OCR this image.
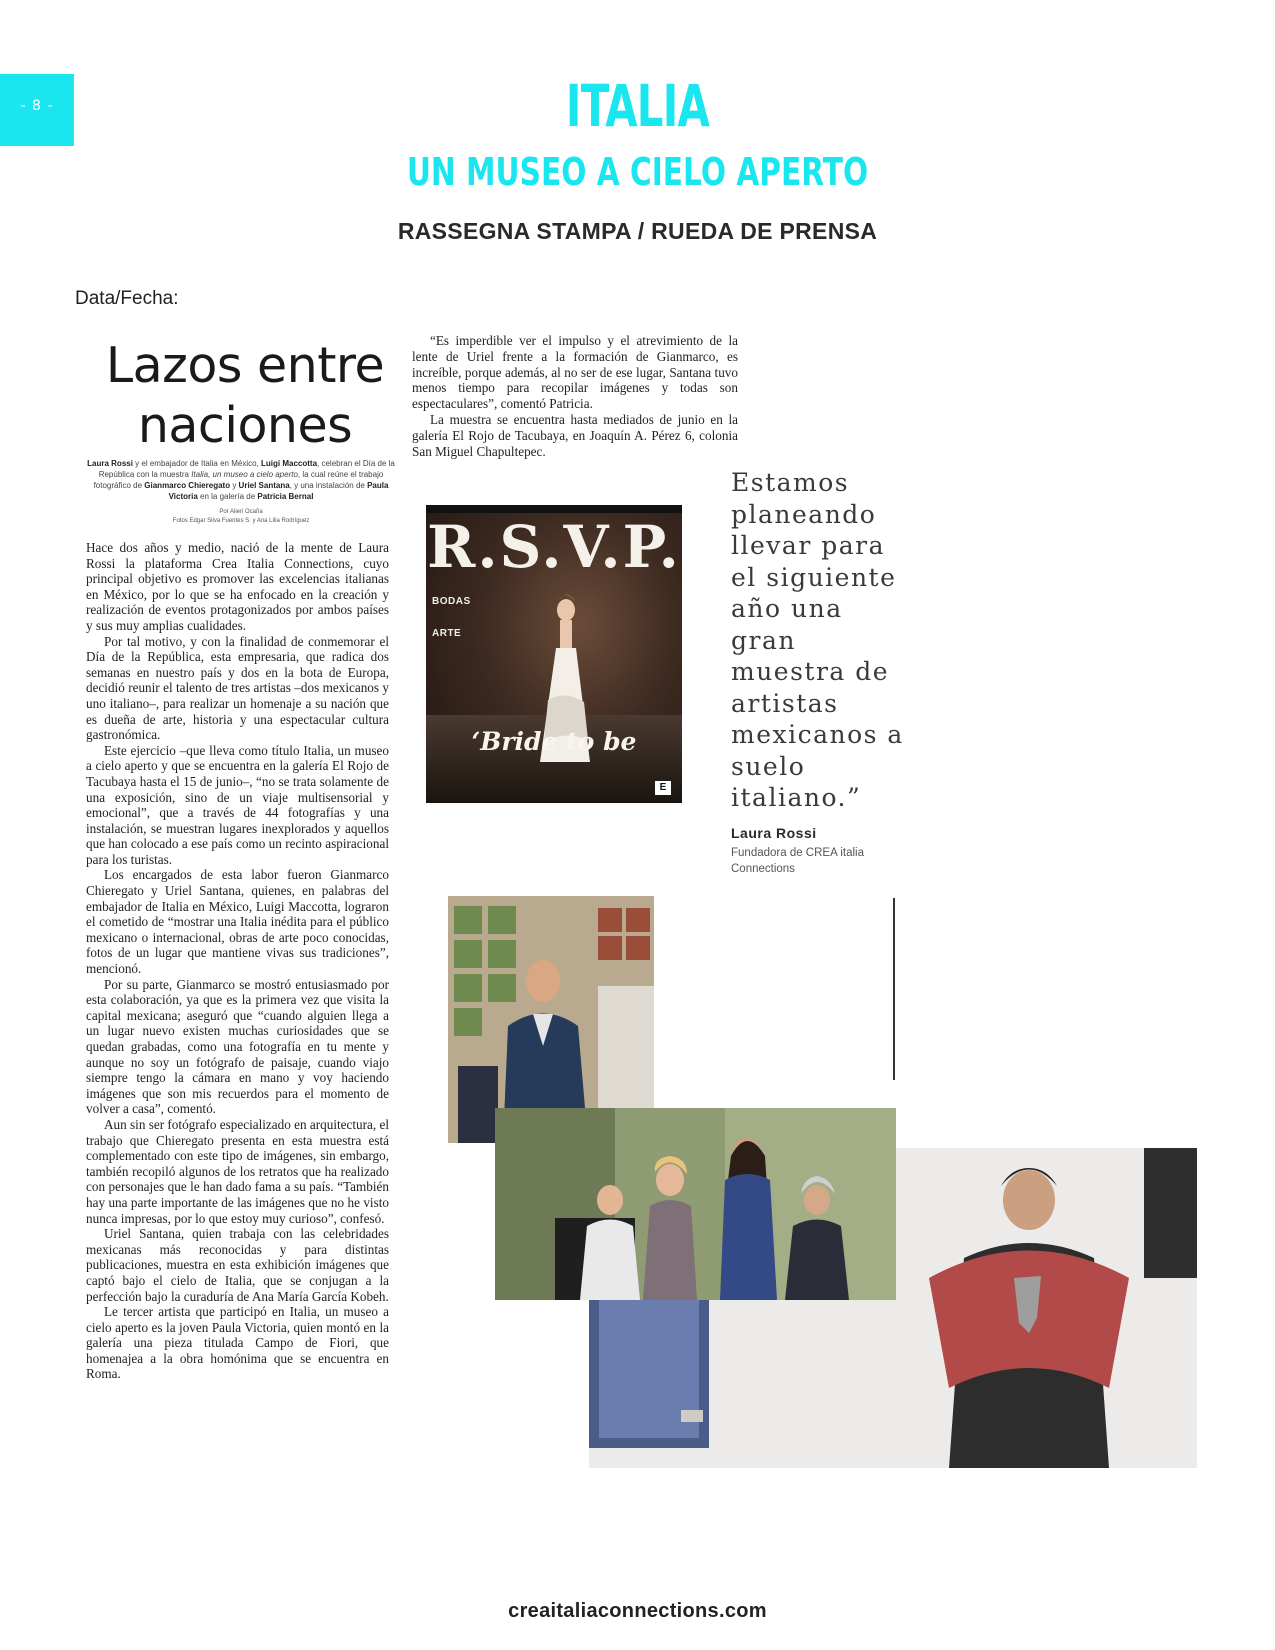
- 8 -	ITALIA
UN MUSEO A CIELO APERTO
RASSEGNA STAMPA / RUEDA DE PRENSA
Data/Fecha:
Lazos entre naciones
Laura Rossi y el embajador de Italia en México, Luigi Maccotta, celebran el Día de la República con la muestra Italia, un museo a cielo aperto, la cual reúne el trabajo fotográfico de Gianmarco Chieregato y Uriel Santana, y una instalación de Paula Victoria en la galería de Patricia Bernal
Por Alieri Ocaña
Fotos Edgar Silva Fuentes S. y Ana Lilia Rodríguez

Hace dos años y medio, nació de la mente de Laura Rossi la plataforma Crea Italia Connections, cuyo principal objetivo es promover las excelencias italianas en México, por lo que se ha enfocado en la creación y realización de eventos protagonizados por ambos países y sus muy amplias cualidades.

Por tal motivo, y con la finalidad de conmemorar el Día de la República, esta empresaria, que radica dos semanas en nuestro país y dos en la bota de Europa, decidió reunir el talento de tres artistas –dos mexicanos y uno italiano–, para realizar un homenaje a su nación que es dueña de arte, historia y una espectacular cultura gastronómica.

Este ejercicio –que lleva como título Italia, un museo a cielo aperto y que se encuentra en la galería El Rojo de Tacubaya hasta el 15 de junio–, “no se trata solamente de una exposición, sino de un viaje multisensorial y emocional”, que a través de 44 fotografías y una instalación, se muestran lugares inexplorados y aquellos que han colocado a ese país como un recinto aspiracional para los turistas.

Los encargados de esta labor fueron Gianmarco Chieregato y Uriel Santana, quienes, en palabras del embajador de Italia en México, Luigi Maccotta, lograron el cometido de “mostrar una Italia inédita para el público mexicano o internacional, obras de arte poco conocidas, fotos de un lugar que mantiene vivas sus tradiciones”, mencionó.

Por su parte, Gianmarco se mostró entusiasmado por esta colaboración, ya que es la primera vez que visita la capital mexicana; aseguró que “cuando alguien llega a un lugar nuevo existen muchas curiosidades que se quedan grabadas, como una fotografía en tu mente y aunque no soy un fotógrafo de paisaje, cuando viajo siempre tengo la cámara en mano y voy haciendo imágenes que son mis recuerdos para el momento de volver a casa”, comentó.

Aun sin ser fotógrafo especializado en arquitectura, el trabajo que Chieregato presenta en esta muestra está complementado con este tipo de imágenes, sin embargo, también recopiló algunos de los retratos que ha realizado con personajes que le han dado fama a su país. “También hay una parte importante de las imágenes que no he visto nunca impresas, por lo que estoy muy curioso”, confesó.

Uriel Santana, quien trabaja con las celebridades mexicanas más reconocidas y para distintas publicaciones, muestra en esta exhibición imágenes que captó bajo el cielo de Italia, que se conjugan a la perfección bajo la curaduría de Ana María García Kobeh.

Le tercer artista que participó en Italia, un museo a cielo aperto es la joven Paula Victoria, quien montó en la galería una pieza titulada Campo de Fiori, que homenajea a la obra homónima que se encuentra en Roma.

“Es imperdible ver el impulso y el atrevimiento de la lente de Uriel frente a la formación de Gianmarco, es increíble, porque además, al no ser de ese lugar, Santana tuvo menos tiempo para recopilar imágenes y todas son espectaculares”, comentó Patricia.

La muestra se encuentra hasta mediados de junio en la galería El Rojo de Tacubaya, en Joaquín A. Pérez 6, colonia San Miguel Chapultepec.

Estamos planeando llevar para el siguiente año una gran muestra de artistas mexicanos a suelo italiano.”
Laura Rossi
Fundadora de CREA italia Connections
R.S.V.P.
BODAS
ARTE
‘Bride to be
E
creaitaliaconnections.com
